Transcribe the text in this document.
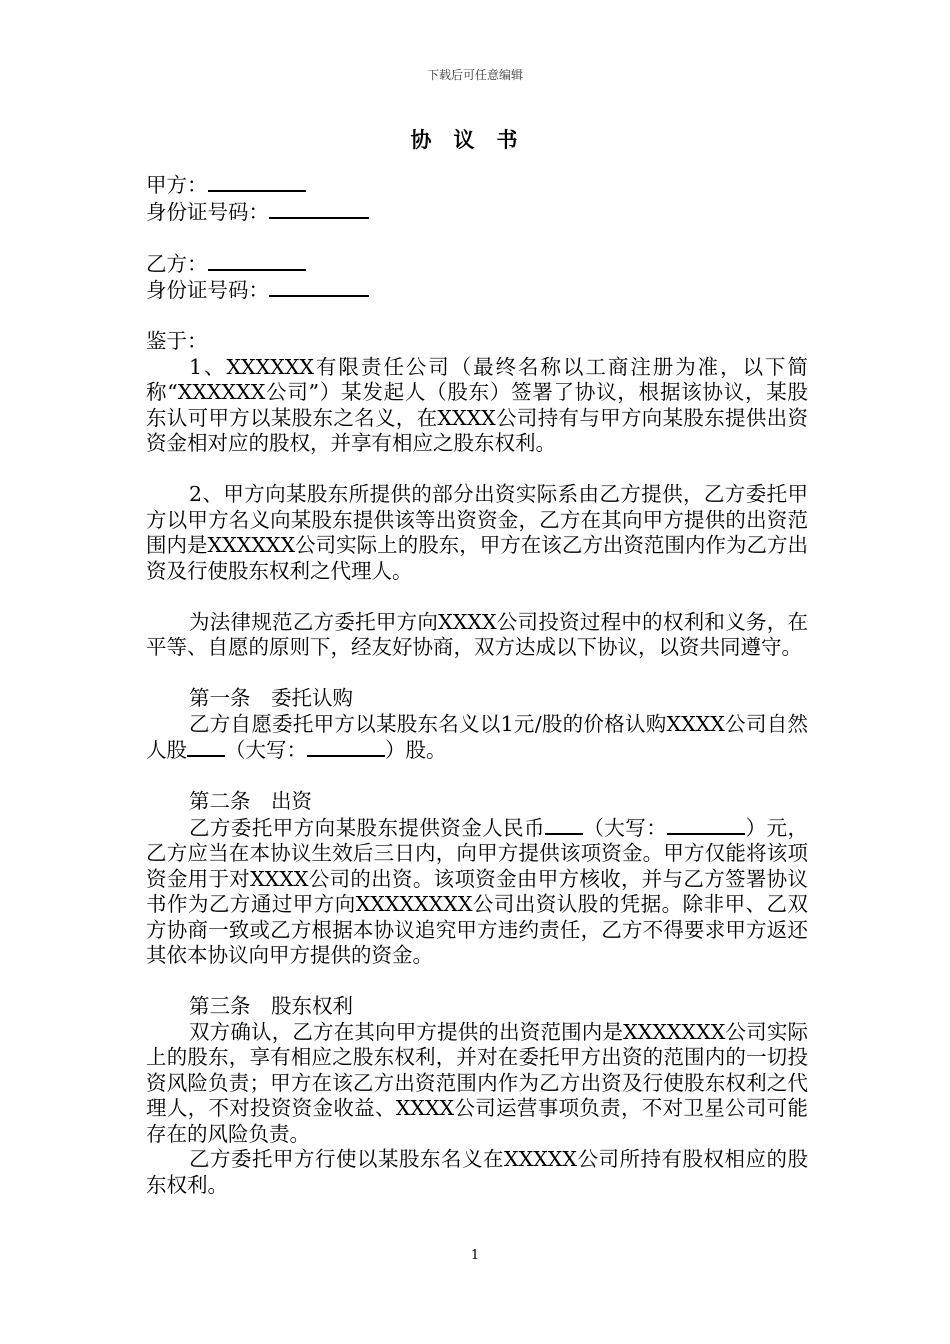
下载后可任意编辑
协议书
甲方：
身份证号码：
乙方：
身份证号码：

鉴于：

1、XXXXXX有限责任公司（最终名称以工商注册为准，以下简称“XXXXXX公司”）某发起人（股东）签署了协议，根据该协议，某股东认可甲方以某股东之名义，在XXXX公司持有与甲方向某股东提供出资资金相对应的股权，并享有相应之股东权利。

2、甲方向某股东所提供的部分出资实际系由乙方提供，乙方委托甲方以甲方名义向某股东提供该等出资资金，乙方在其向甲方提供的出资范围内是XXXXXX公司实际上的股东，甲方在该乙方出资范围内作为乙方出资及行使股东权利之代理人。

为法律规范乙方委托甲方向XXXX公司投资过程中的权利和义务，在平等、自愿的原则下，经友好协商，双方达成以下协议，以资共同遵守。

第一条　委托认购

乙方自愿委托甲方以某股东名义以1元/股的价格认购XXXX公司自然人股 （大写：	）股。

第二条　出资

乙方委托甲方向某股东提供资金人民币 （大写：	）元，乙方应当在本协议生效后三日内，向甲方提供该项资金。甲方仅能将该项资金用于对XXXX公司的出资。该项资金由甲方核收，并与乙方签署协议书作为乙方通过甲方向XXXXXXXX公司出资认股的凭据。除非甲、乙双方协商一致或乙方根据本协议追究甲方违约责任，乙方不得要求甲方返还其依本协议向甲方提供的资金。

第三条　股东权利

双方确认，乙方在其向甲方提供的出资范围内是XXXXXXX公司实际上的股东，享有相应之股东权利，并对在委托甲方出资的范围内的一切投资风险负责；甲方在该乙方出资范围内作为乙方出资及行使股东权利之代理人，不对投资资金收益、XXXX公司运营事项负责，不对卫星公司可能存在的风险负责。

乙方委托甲方行使以某股东名义在XXXXX公司所持有股权相应的股东权利。

1
